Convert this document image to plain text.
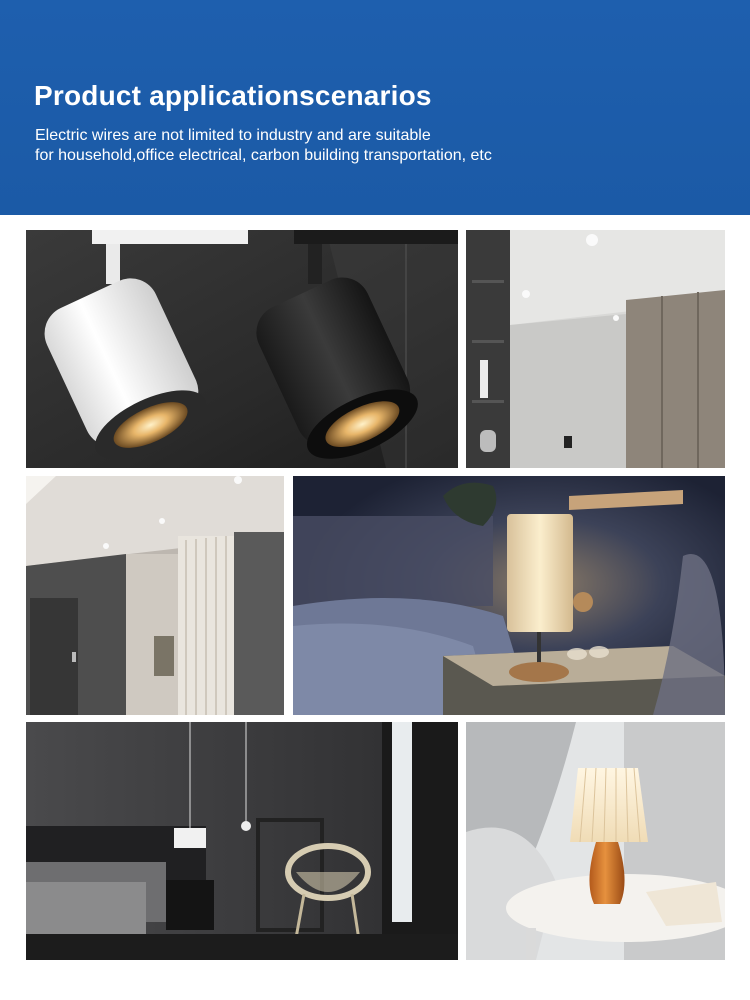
Product applicationscenarios
Electric wires are not limited to industry and are suitable
for household,office electrical, carbon building transportation, etc
